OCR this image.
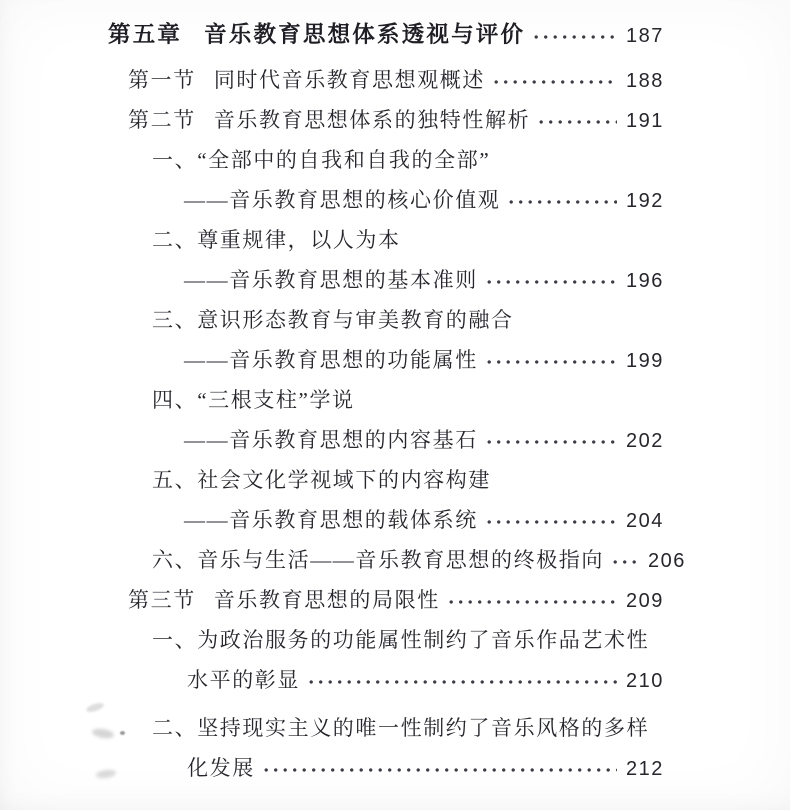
第五章 音乐教育思想体系透视与评价	187
第一节 同时代音乐教育思想观概述	188
第二节 音乐教育思想体系的独特性解析	191
一、“全部中的自我和自我的全部”
——音乐教育思想的核心价值观	192
二、尊重规律，以人为本
——音乐教育思想的基本准则	196
三、意识形态教育与审美教育的融合
——音乐教育思想的功能属性	199
四、“三根支柱”学说
——音乐教育思想的内容基石	202
五、社会文化学视域下的内容构建
——音乐教育思想的载体系统	204
六、音乐与生活——音乐教育思想的终极指向 206
第三节 音乐教育思想的局限性	209
一、为政治服务的功能属性制约了音乐作品艺术性
水平的彰显	210
二、坚持现实主义的唯一性制约了音乐风格的多样
化发展	212
